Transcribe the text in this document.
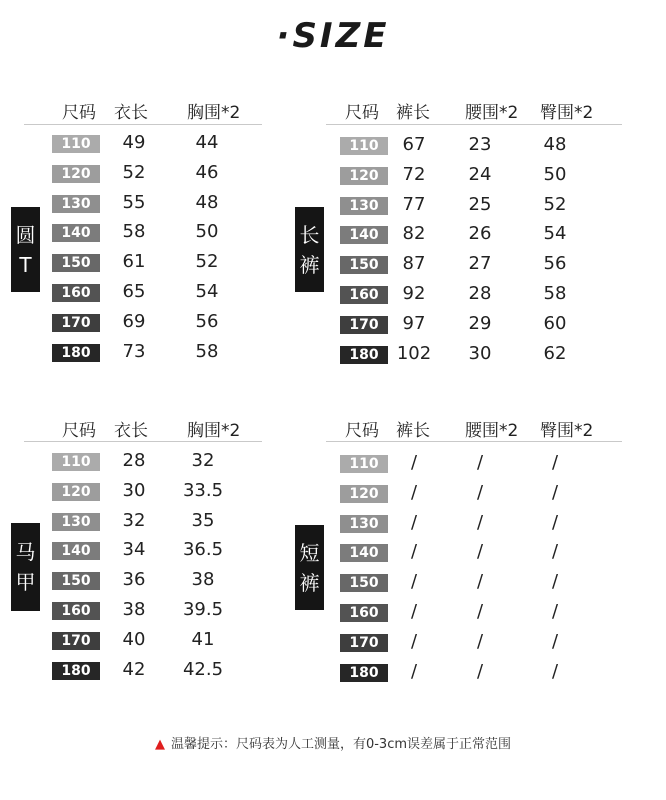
·SIZE
尺码 衣长 胸围*2
圆
T
110	49	44
120	52	46
130	55	48
140	58	50
150	61	52
160	65	54
170	69	56
180	73	58
尺码 裤长 腰围*2 臀围*2
长
裤
110	67	23	48
120	72	24	50
130	77	25	52
140	82	26	54
150	87	27	56
160	92	28	58
170	97	29	60
180	102	30	62
尺码 衣长 胸围*2
马
甲
110	28	32
120	30	33.5
130	32	35
140	34	36.5
150	36	38
160	38	39.5
170	40	41
180	42	42.5
尺码 裤长 腰围*2 臀围*2
短
裤
110	/	/	/
120	/	/	/
130	/	/	/
140	/	/	/
150	/	/	/
160	/	/	/
170	/	/	/
180	/	/	/
▲ 温馨提示：尺码表为人工测量，有0-3cm误差属于正常范围
